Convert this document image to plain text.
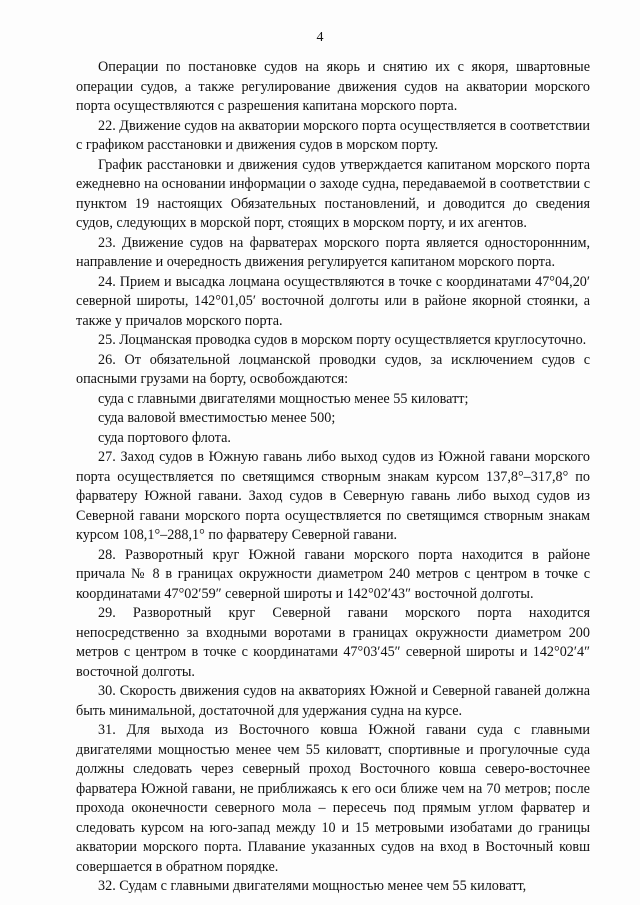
4

Операции по постановке судов на якорь и снятию их с якоря, швартовные операции судов, а также регулирование движения судов на акватории морского порта осуществляются с разрешения капитана морского порта.

22. Движение судов на акватории морского порта осуществляется в соответствии с графиком расстановки и движения судов в морском порту.

График расстановки и движения судов утверждается капитаном морского порта ежедневно на основании информации о заходе судна, передаваемой в соответствии с пунктом 19 настоящих Обязательных постановлений, и доводится до сведения судов, следующих в морской порт, стоящих в морском порту, и их агентов.

23. Движение судов на фарватерах морского порта является одностороннним, направление и очередность движения регулируется капитаном морского порта.

24. Прием и высадка лоцмана осуществляются в точке с координатами 47°04,20′ северной широты, 142°01,05′ восточной долготы или в районе якорной стоянки, а также у причалов морского порта.

25. Лоцманская проводка судов в морском порту осуществляется круглосуточно.

26. От обязательной лоцманской проводки судов, за исключением судов с опасными грузами на борту, освобождаются:

суда с главными двигателями мощностью менее 55 киловатт;

суда валовой вместимостью менее 500;

суда портового флота.

27. Заход судов в Южную гавань либо выход судов из Южной гавани морского порта осуществляется по светящимся створным знакам курсом 137,8°–317,8° по фарватеру Южной гавани. Заход судов в Северную гавань либо выход судов из Северной гавани морского порта осуществляется по светящимся створным знакам курсом 108,1°–288,1° по фарватеру Северной гавани.

28. Разворотный круг Южной гавани морского порта находится в районе причала № 8 в границах окружности диаметром 240 метров с центром в точке с координатами 47°02′59″ северной широты и 142°02′43″ восточной долготы.

29. Разворотный круг Северной гавани морского порта находится непосредственно за входными воротами в границах окружности диаметром 200 метров с центром в точке с координатами 47°03′45″ северной широты и 142°02′4″ восточной долготы.

30. Скорость движения судов на акваториях Южной и Северной гаваней должна быть минимальной, достаточной для удержания судна на курсе.

31. Для выхода из Восточного ковша Южной гавани суда с главными двигателями мощностью менее чем 55 киловатт, спортивные и прогулочные суда должны следовать через северный проход Восточного ковша северо-восточнее фарватера Южной гавани, не приближаясь к его оси ближе чем на 70 метров; после прохода оконечности северного мола – пересечь под прямым углом фарватер и следовать курсом на юго-запад между 10 и 15 метровыми изобатами до границы акватории морского порта. Плавание указанных судов на вход в Восточный ковш совершается в обратном порядке.

32. Судам с главными двигателями мощностью менее чем 55 киловатт,
